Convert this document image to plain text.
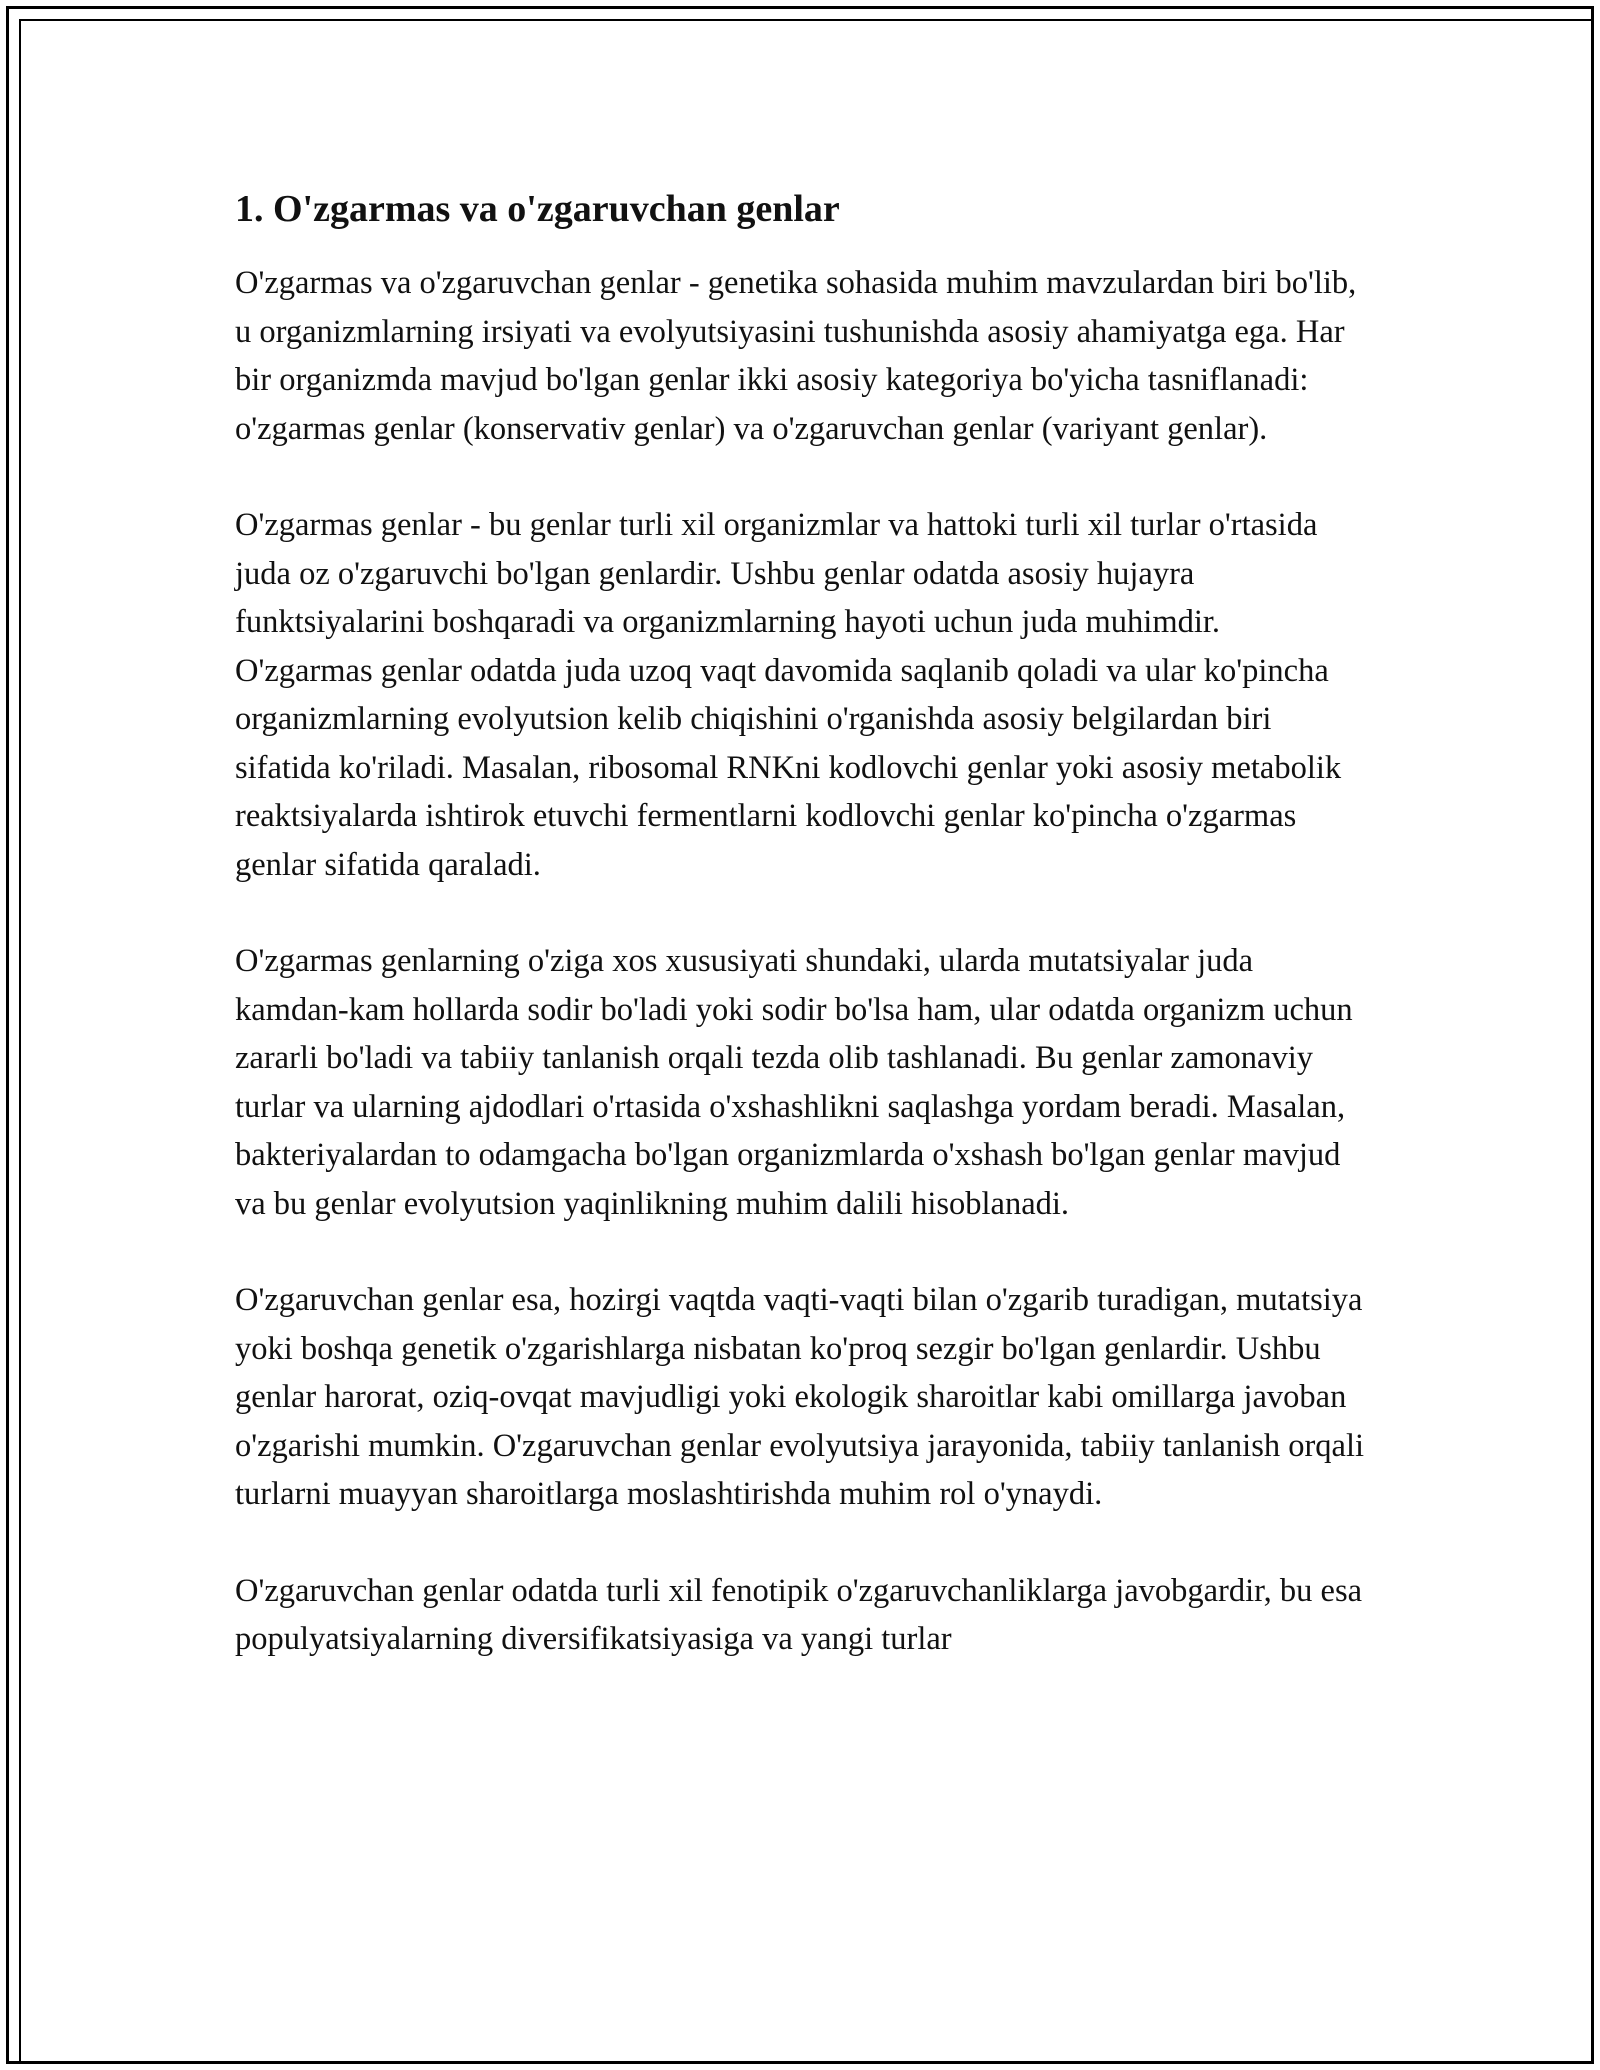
1. O'zgarmas va o'zgaruvchan genlar

O'zgarmas va o'zgaruvchan genlar - genetika sohasida muhim mavzulardan biri bo'lib, u organizmlarning irsiyati va evolyutsiyasini tushunishda asosiy ahamiyatga ega. Har bir organizmda mavjud bo'lgan genlar ikki asosiy kategoriya bo'yicha tasniflanadi: o'zgarmas genlar (konservativ genlar) va o'zgaruvchan genlar (variyant genlar).

O'zgarmas genlar - bu genlar turli xil organizmlar va hattoki turli xil turlar o'rtasida juda oz o'zgaruvchi bo'lgan genlardir. Ushbu genlar odatda asosiy hujayra funktsiyalarini boshqaradi va organizmlarning hayoti uchun juda muhimdir. O'zgarmas genlar odatda juda uzoq vaqt davomida saqlanib qoladi va ular ko'pincha organizmlarning evolyutsion kelib chiqishini o'rganishda asosiy belgilardan biri sifatida ko'riladi. Masalan, ribosomal RNKni kodlovchi genlar yoki asosiy metabolik reaktsiyalarda ishtirok etuvchi fermentlarni kodlovchi genlar ko'pincha o'zgarmas genlar sifatida qaraladi.

O'zgarmas genlarning o'ziga xos xususiyati shundaki, ularda mutatsiyalar juda kamdan-kam hollarda sodir bo'ladi yoki sodir bo'lsa ham, ular odatda organizm uchun zararli bo'ladi va tabiiy tanlanish orqali tezda olib tashlanadi. Bu genlar zamonaviy turlar va ularning ajdodlari o'rtasida o'xshashlikni saqlashga yordam beradi. Masalan, bakteriyalardan to odamgacha bo'lgan organizmlarda o'xshash bo'lgan genlar mavjud va bu genlar evolyutsion yaqinlikning muhim dalili hisoblanadi.

O'zgaruvchan genlar esa, hozirgi vaqtda vaqti-vaqti bilan o'zgarib turadigan, mutatsiya yoki boshqa genetik o'zgarishlarga nisbatan ko'proq sezgir bo'lgan genlardir. Ushbu genlar harorat, oziq-ovqat mavjudligi yoki ekologik sharoitlar kabi omillarga javoban o'zgarishi mumkin. O'zgaruvchan genlar evolyutsiya jarayonida, tabiiy tanlanish orqali turlarni muayyan sharoitlarga moslashtirishda muhim rol o'ynaydi.

O'zgaruvchan genlar odatda turli xil fenotipik o'zgaruvchanliklarga javobgardir, bu esa populyatsiyalarning diversifikatsiyasiga va yangi turlar
